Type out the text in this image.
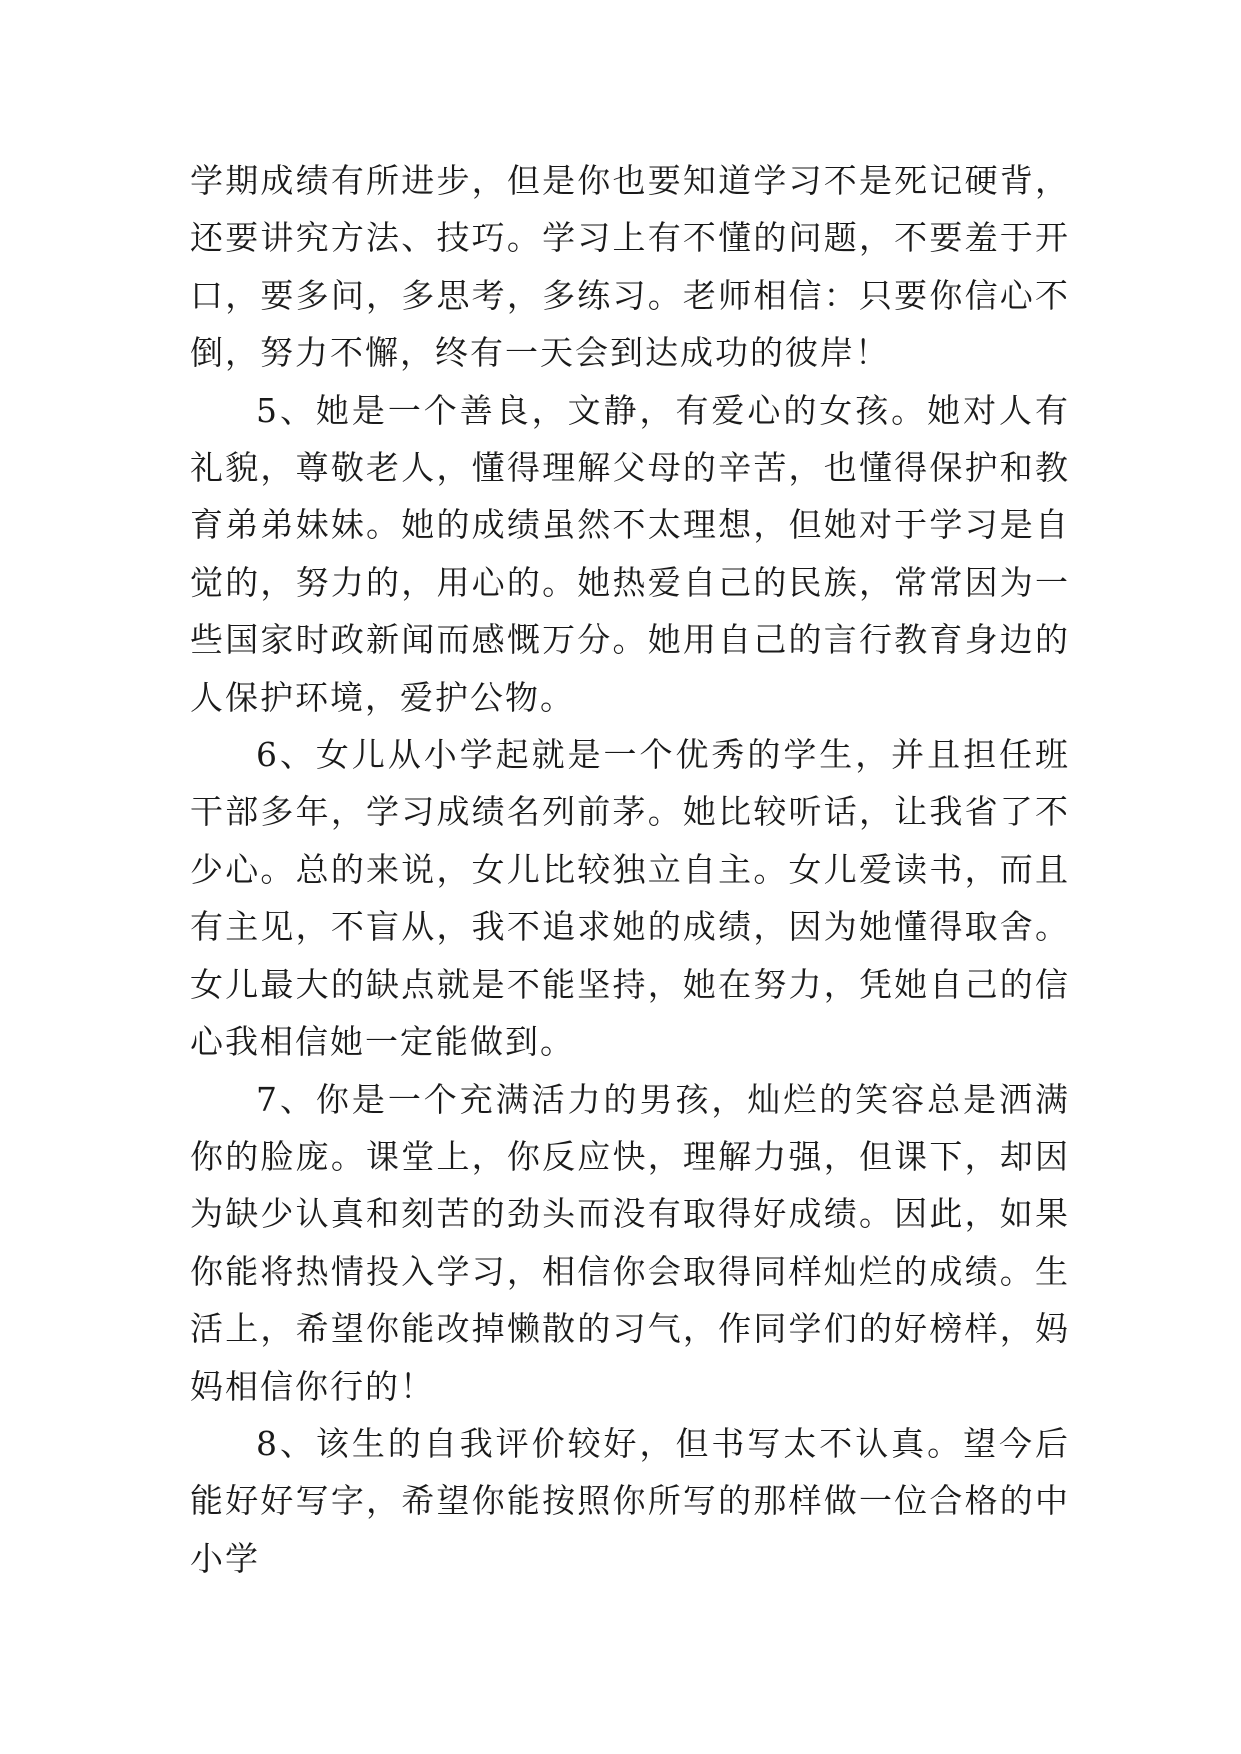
学期成绩有所进步，但是你也要知道学习不是死记硬背，还要讲究方法、技巧。学习上有不懂的问题，不要羞于开口，要多问，多思考，多练习。老师相信：只要你信心不倒，努力不懈，终有一天会到达成功的彼岸！

5、她是一个善良，文静，有爱心的女孩。她对人有礼貌，尊敬老人，懂得理解父母的辛苦，也懂得保护和教育弟弟妹妹。她的成绩虽然不太理想，但她对于学习是自觉的，努力的，用心的。她热爱自己的民族，常常因为一些国家时政新闻而感慨万分。她用自己的言行教育身边的人保护环境，爱护公物。

6、女儿从小学起就是一个优秀的学生，并且担任班干部多年，学习成绩名列前茅。她比较听话，让我省了不少心。总的来说，女儿比较独立自主。女儿爱读书，而且有主见，不盲从，我不追求她的成绩，因为她懂得取舍。女儿最大的缺点就是不能坚持，她在努力，凭她自己的信心我相信她一定能做到。

7、你是一个充满活力的男孩，灿烂的笑容总是洒满你的脸庞。课堂上，你反应快，理解力强，但课下，却因为缺少认真和刻苦的劲头而没有取得好成绩。因此，如果你能将热情投入学习，相信你会取得同样灿烂的成绩。生活上，希望你能改掉懒散的习气，作同学们的好榜样，妈妈相信你行的！

8、该生的自我评价较好，但书写太不认真。望今后能好好写字，希望你能按照你所写的那样做一位合格的中小学
